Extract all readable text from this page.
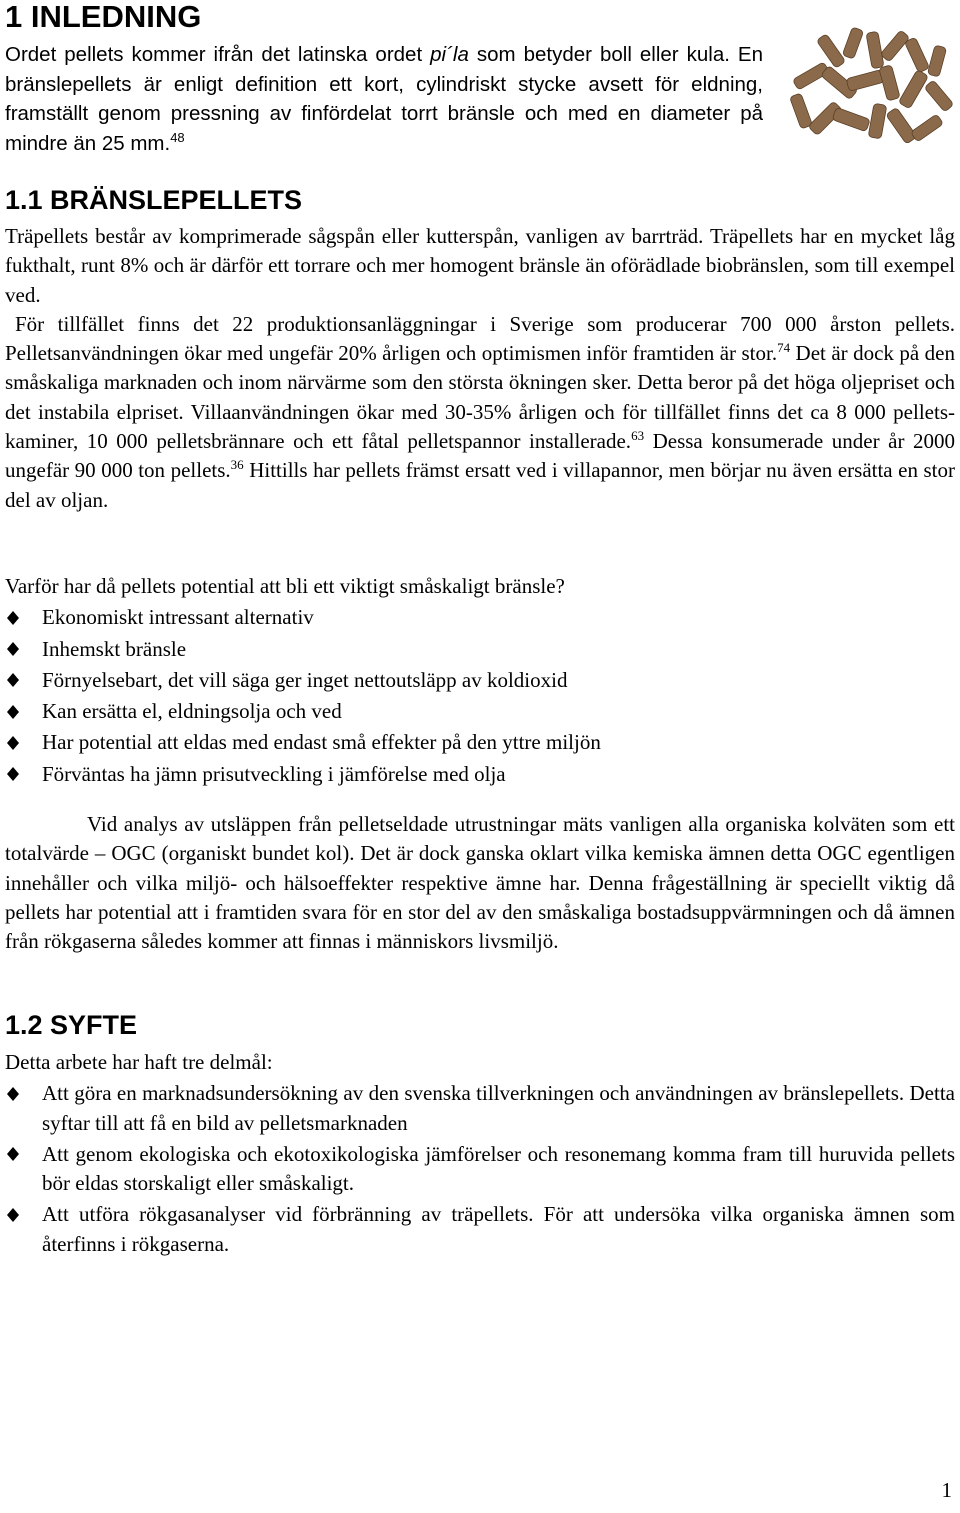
1 INLEDNING

Ordet pellets kommer ifrån det latinska ordet pi´la som betyder boll eller kula. En bränslepellets är enligt definition ett kort, cylindriskt stycke avsett för eldning, framställt genom pressning av finfördelat torrt bränsle och med en diameter på mindre än 25 mm.$^{48}$

1.1 BRÄNSLEPELLETS

Träpellets består av komprimerade sågspån eller kutterspån, vanligen av barrträd. Träpellets har en mycket låg fukthalt, runt 8% och är därför ett torrare och mer homogent bränsle än oförädlade biobränslen, som till exempel ved.

För tillfället finns det 22 produktionsanläggningar i Sverige som producerar 700 000 årston pellets. Pelletsanvändningen ökar med ungefär 20% årligen och optimismen inför framtiden är stor.$^{74}$ Det är dock på den småskaliga marknaden och inom närvärme som den största ökningen sker. Detta beror på det höga oljepriset och det instabila elpriset. Villaanvändningen ökar med 30-35% årligen och för tillfället finns det ca 8 000 pellets-kaminer, 10 000 pelletsbrännare och ett fåtal pelletspannor installerade.$^{63}$ Dessa konsumerade under år 2000 ungefär 90 000 ton pellets.$^{36}$ Hittills har pellets främst ersatt ved i villapannor, men börjar nu även ersätta en stor del av oljan.

Varför har då pellets potential att bli ett viktigt småskaligt bränsle?

Ekonomiskt intressant alternativ
Inhemskt bränsle
Förnyelsebart, det vill säga ger inget nettoutsläpp av koldioxid
Kan ersätta el, eldningsolja och ved
Har potential att eldas med endast små effekter på den yttre miljön
Förväntas ha jämn prisutveckling i jämförelse med olja

Vid analys av utsläppen från pelletseldade utrustningar mäts vanligen alla organiska kolväten som ett totalvärde – OGC (organiskt bundet kol). Det är dock ganska oklart vilka kemiska ämnen detta OGC egentligen innehåller och vilka miljö- och hälsoeffekter respektive ämne har. Denna frågeställning är speciellt viktig då pellets har potential att i framtiden svara för en stor del av den småskaliga bostadsuppvärmningen och då ämnen från rökgaserna således kommer att finnas i människors livsmiljö.

1.2 SYFTE

Detta arbete har haft tre delmål:

Att göra en marknadsundersökning av den svenska tillverkningen och användningen av bränslepellets. Detta syftar till att få en bild av pelletsmarknaden
Att genom ekologiska och ekotoxikologiska jämförelser och resonemang komma fram till huruvida pellets bör eldas storskaligt eller småskaligt.
Att utföra rökgasanalyser vid förbränning av träpellets. För att undersöka vilka organiska ämnen som återfinns i rökgaserna.
1
